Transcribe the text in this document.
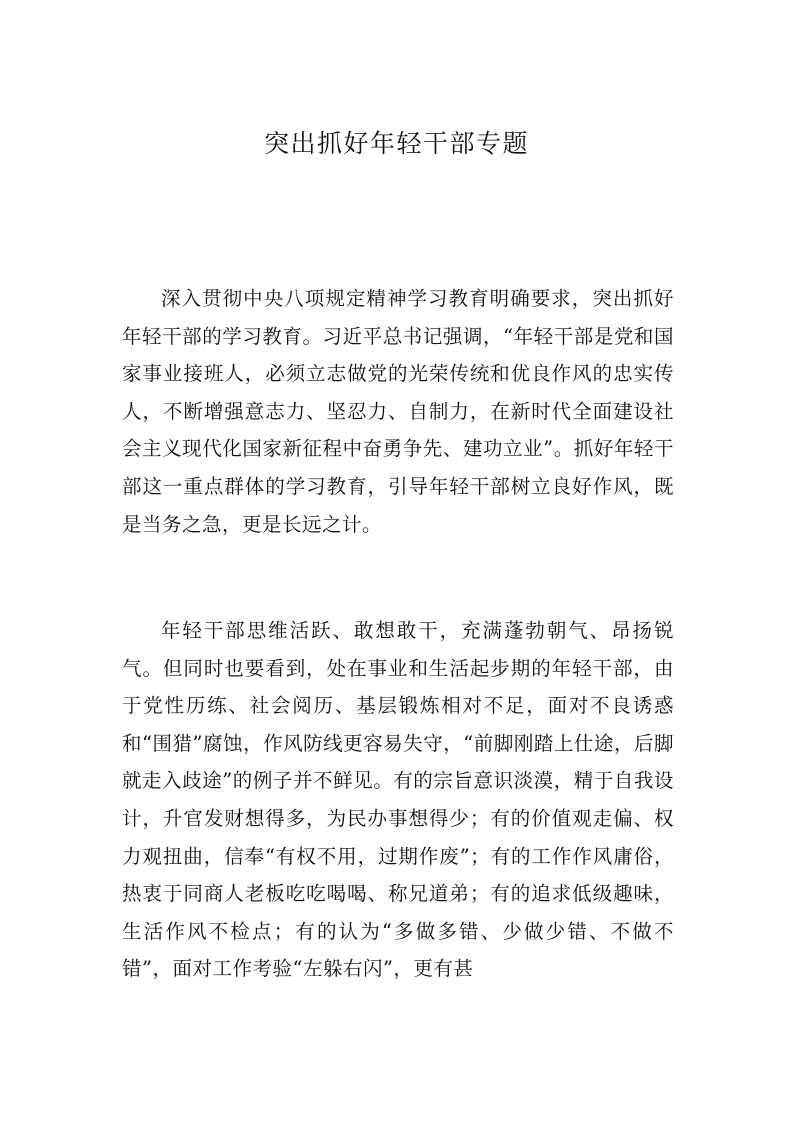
突出抓好年轻干部专题

深入贯彻中央八项规定精神学习教育明确要求，突出抓好年轻干部的学习教育。习近平总书记强调，“年轻干部是党和国家事业接班人，必须立志做党的光荣传统和优良作风的忠实传人，不断增强意志力、坚忍力、自制力，在新时代全面建设社会主义现代化国家新征程中奋勇争先、建功立业”。抓好年轻干部这一重点群体的学习教育，引导年轻干部树立良好作风，既是当务之急，更是长远之计。

年轻干部思维活跃、敢想敢干，充满蓬勃朝气、昂扬锐气。但同时也要看到，处在事业和生活起步期的年轻干部，由于党性历练、社会阅历、基层锻炼相对不足，面对不良诱惑和“围猎”腐蚀，作风防线更容易失守，“前脚刚踏上仕途，后脚就走入歧途”的例子并不鲜见。有的宗旨意识淡漠，精于自我设计，升官发财想得多，为民办事想得少；有的价值观走偏、权力观扭曲，信奉“有权不用，过期作废”；有的工作作风庸俗，热衷于同商人老板吃吃喝喝、称兄道弟；有的追求低级趣味，生活作风不检点；有的认为“多做多错、少做少错、不做不错”，面对工作考验“左躲右闪”，更有甚
